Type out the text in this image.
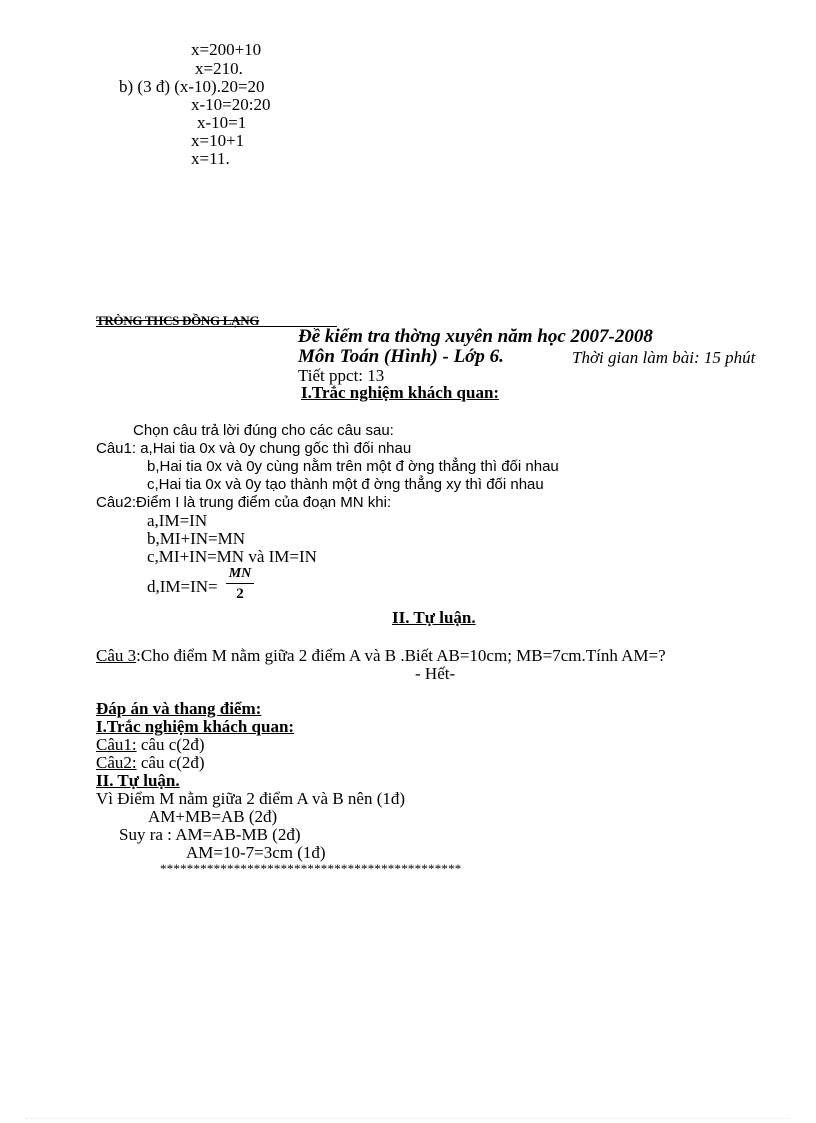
x=200+10
x=210.
b) (3 đ) (x-10).20=20
x-10=20:20
x-10=1
x=10+1
x=11.
TRÒNG THCS ĐỒNG LẠNG
Đề kiểm tra thờng xuyên năm học 2007-2008
Môn Toán (Hình) - Lớp 6.	Thời gian làm bài: 15 phút
Tiết ppct: 13
I.Trắc nghiệm khách quan:
Chọn câu trả lời đúng cho các câu sau:
Câu1: a,Hai tia 0x và 0y chung gốc thì đối nhau
b,Hai tia 0x và 0y cùng nằm trên một đ ờng thẳng thì đối nhau
c,Hai tia 0x và 0y tạo thành một đ ờng thẳng xy thì đối nhau
Câu2:Điểm I là trung điểm của đoạn MN khi:
a,IM=IN
b,MI+IN=MN
c,MI+IN=MN và IM=IN
d,IM=IN=
MN
2
II. Tự luận.
Câu 3:Cho điểm M nằm giữa 2 điểm A và B .Biết AB=10cm; MB=7cm.Tính AM=?
- Hết-
Đáp án và thang điểm:
I.Trắc nghiệm khách quan:
Câu1: câu c(2đ)
Câu2: câu c(2đ)
II. Tự luận.
Vì Điểm M nằm giữa 2 điểm A và B nên (1đ)
AM+MB=AB (2đ)
Suy ra : AM=AB-MB (2đ)
AM=10-7=3cm (1đ)
*********************************************
